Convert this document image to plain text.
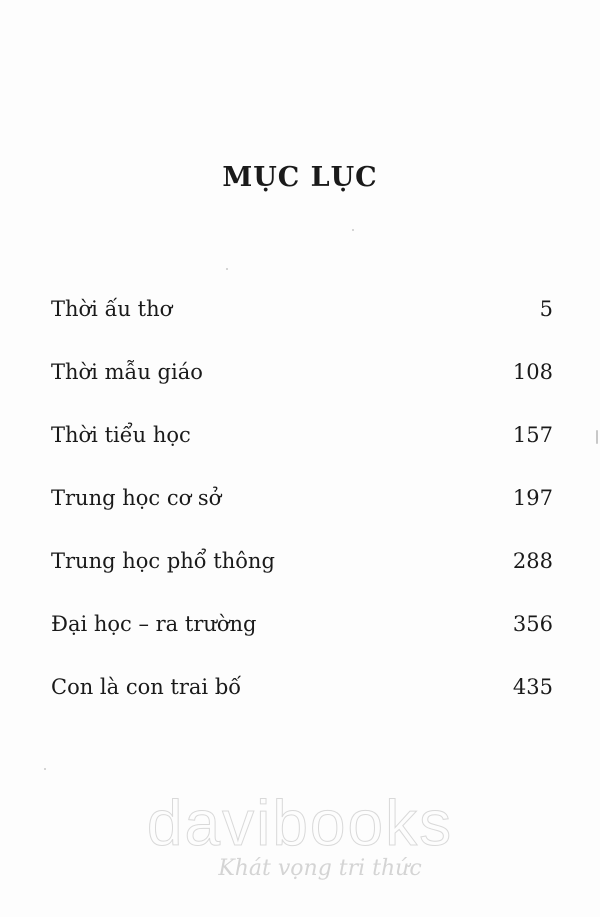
MỤC LỤC
Thời ấu thơ	5
Thời mẫu giáo	108
Thời tiểu học	157
Trung học cơ sở	197
Trung học phổ thông	288
Đại học – ra trường	356
Con là con trai bố	435
davibooks
Khát vọng tri thức
